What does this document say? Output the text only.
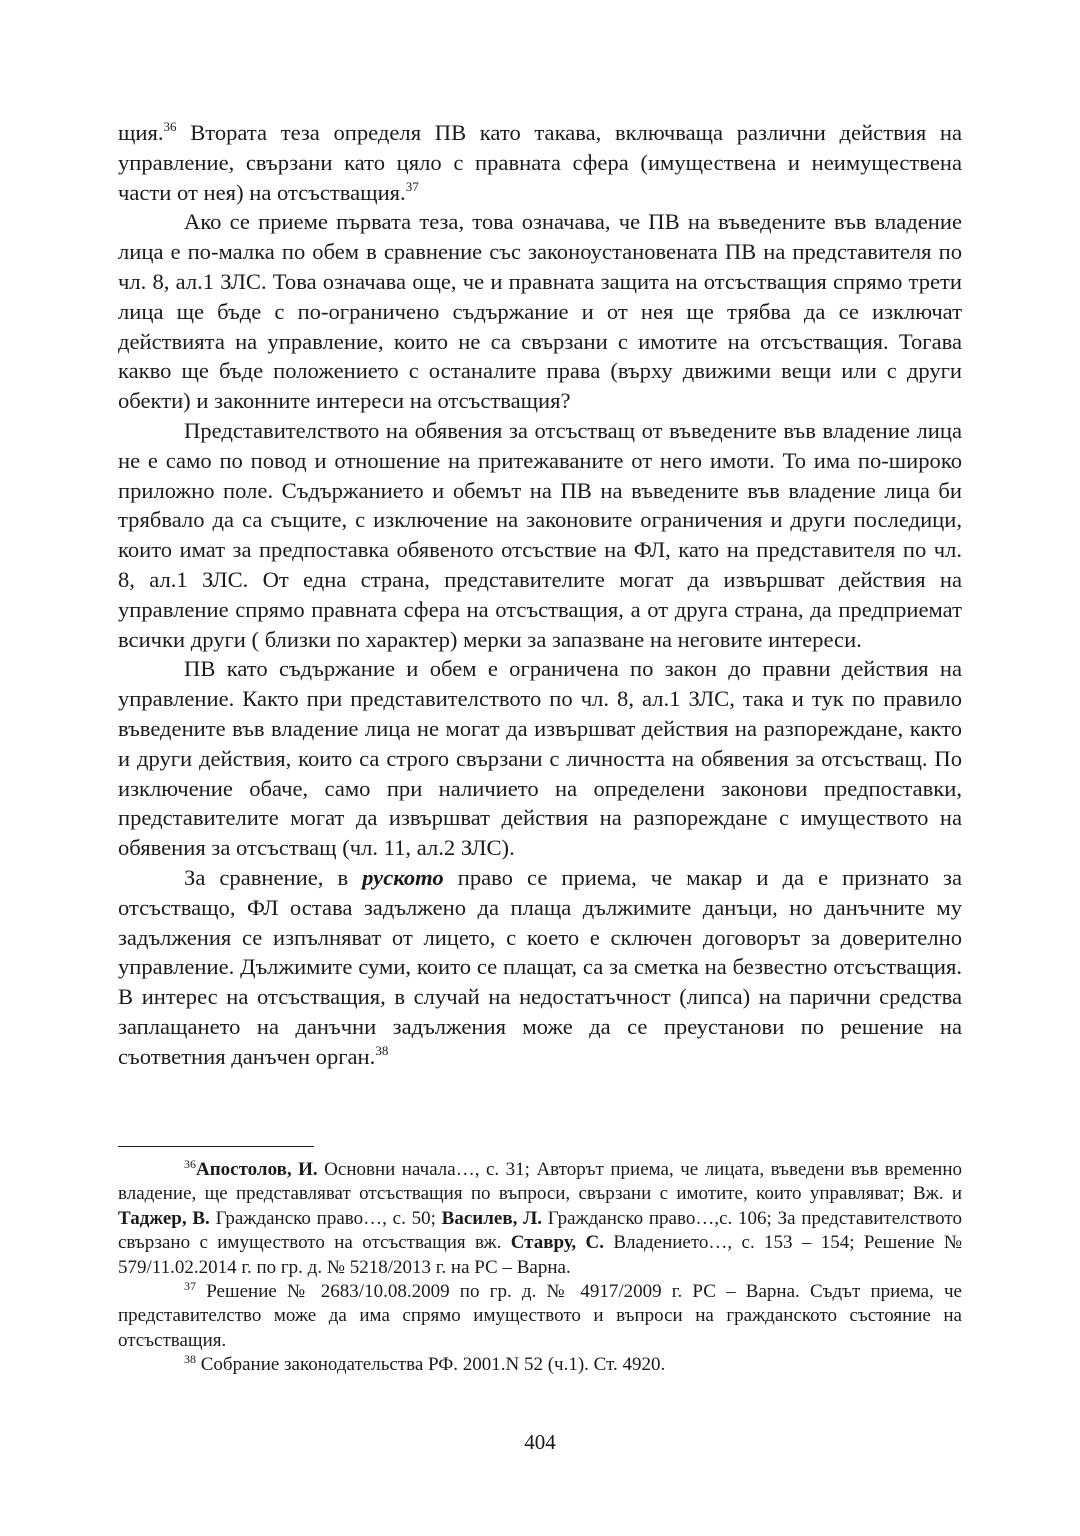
щия.$^{36}$ Втората теза определя ПВ като такава, включваща различни действия на управление, свързани като цяло с правната сфера (имуществена и неимуществена части от нея) на отсъстващия.$^{37}$

Ако се приеме първата теза, това означава, че ПВ на въведените във владение лица е по-малка по обем в сравнение със законоустановената ПВ на представителя по чл. 8, ал.1 ЗЛС. Това означава още, че и правната защита на отсъстващия спрямо трети лица ще бъде с по-ограничено съдържание и от нея ще трябва да се изключат действията на управление, които не са свързани с имотите на отсъстващия. Тогава какво ще бъде положението с останалите права (върху движими вещи или с други обекти) и законните интереси на отсъстващия?

Представителството на обявения за отсъстващ от въведените във владение лица не е само по повод и отношение на притежаваните от него имоти. То има по-широко приложно поле. Съдържанието и обемът на ПВ на въведените във владение лица би трябвало да са същите, с изключение на законовите ограничения и други последици, които имат за предпоставка обявеното отсъствие на ФЛ, като на представителя по чл. 8, ал.1 ЗЛС. От една страна, представителите могат да извършват действия на управление спрямо правната сфера на отсъстващия, а от друга страна, да предприемат всички други ( близки по характер) мерки за запазване на неговите интереси.

ПВ като съдържание и обем е ограничена по закон до правни действия на управление. Както при представителството по чл. 8, ал.1 ЗЛС, така и тук по правило въведените във владение лица не могат да извършват действия на разпореждане, както и други действия, които са строго свързани с личността на обявения за отсъстващ. По изключение обаче, само при наличието на определени законови предпоставки, представителите могат да извършват действия на разпореждане с имуществото на обявения за отсъстващ (чл. 11, ал.2 ЗЛС).

За сравнение, в руското право се приема, че макар и да е признато за отсъстващо, ФЛ остава задължено да плаща дължимите данъци, но данъчните му задължения се изпълняват от лицето, с което е сключен договорът за доверително управление. Дължимите суми, които се плащат, са за сметка на безвестно отсъстващия. В интерес на отсъстващия, в случай на недостатъчност (липса) на парични средства заплащането на данъчни задължения може да се преустанови по решение на съответния данъчен орган.$^{38}$

$^{36}$Апостолов, И. Основни начала…, с. 31; Авторът приема, че лицата, въведени във временно владение, ще представляват отсъстващия по въпроси, свързани с имотите, които управляват; Вж. и Таджер, В. Гражданско право…, с. 50; Василев, Л. Гражданско право…,с. 106; За представителството свързано с имуществото на отсъстващия вж. Ставру, С. Владението…, с. 153 – 154; Решение № 579/11.02.2014 г. по гр. д. № 5218/2013 г. на РС – Варна.

$^{37}$ Решение № 2683/10.08.2009 по гр. д. № 4917/2009 г. РС – Варна. Съдът приема, че представителство може да има спрямо имуществото и въпроси на гражданското състояние на отсъстващия.

$^{38}$ Собрание законодательства РФ. 2001.N 52 (ч.1). Ст. 4920.

404
